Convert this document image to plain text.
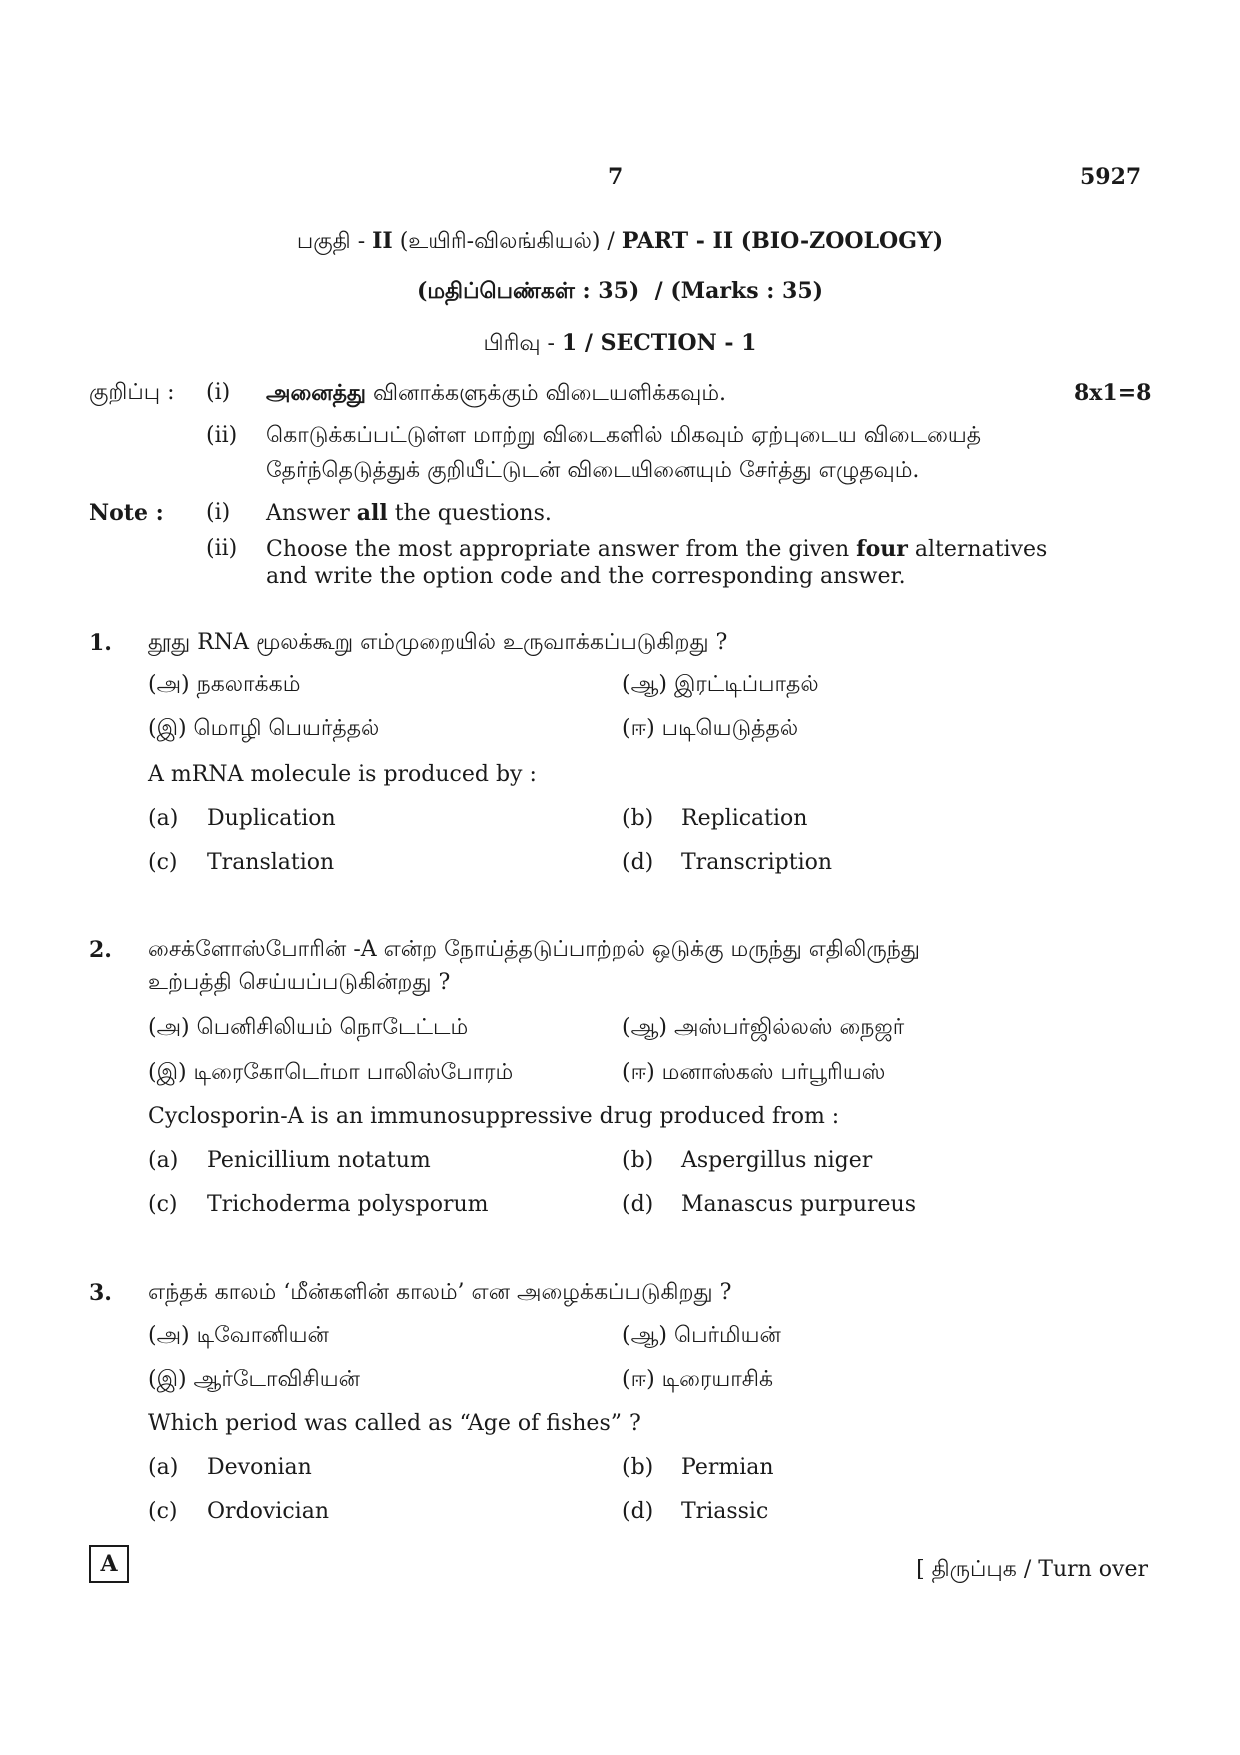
7	5927
பகுதி - II (உயிரி-விலங்கியல்) / PART - II (BIO-ZOOLOGY)
(மதிப்பெண்கள் : 35) / (Marks : 35)
பிரிவு - 1 / SECTION - 1
குறிப்பு : (i) அனைத்து வினாக்களுக்கும் விடையளிக்கவும்.	8x1=8
(ii) கொடுக்கப்பட்டுள்ள மாற்று விடைகளில் மிகவும் ஏற்புடைய விடையைத்
தேர்ந்தெடுத்துக் குறியீட்டுடன் விடையினையும் சேர்த்து எழுதவும்.
Note : (i) Answer all the questions.
(ii) Choose the most appropriate answer from the given four alternatives
and write the option code and the corresponding answer.
1. தூது RNA மூலக்கூறு எம்முறையில் உருவாக்கப்படுகிறது ?
(அ) நகலாக்கம்	(ஆ) இரட்டிப்பாதல்
(இ) மொழி பெயர்த்தல்	(ஈ) படியெடுத்தல்
A mRNA molecule is produced by :
(a) Duplication	(b) Replication
(c) Translation	(d) Transcription
2. சைக்ளோஸ்போரின் -A என்ற நோய்த்தடுப்பாற்றல் ஒடுக்கு மருந்து எதிலிருந்து
உற்பத்தி செய்யப்படுகின்றது ?
(அ) பெனிசிலியம் நொடேட்டம்	(ஆ) அஸ்பர்ஜில்லஸ் நைஜர்
(இ) டிரைகோடெர்மா பாலிஸ்போரம்	(ஈ) மனாஸ்கஸ் பர்பூரியஸ்
Cyclosporin-A is an immunosuppressive drug produced from :
(a) Penicillium notatum	(b) Aspergillus niger
(c) Trichoderma polysporum	(d) Manascus purpureus
3. எந்தக் காலம் ‘மீன்களின் காலம்’ என அழைக்கப்படுகிறது ?
(அ) டிவோனியன்	(ஆ) பெர்மியன்
(இ) ஆர்டோவிசியன்	(ஈ) டிரையாசிக்
Which period was called as “Age of fishes” ?
(a) Devonian	(b) Permian
(c) Ordovician	(d) Triassic
A	[ திருப்புக / Turn over
